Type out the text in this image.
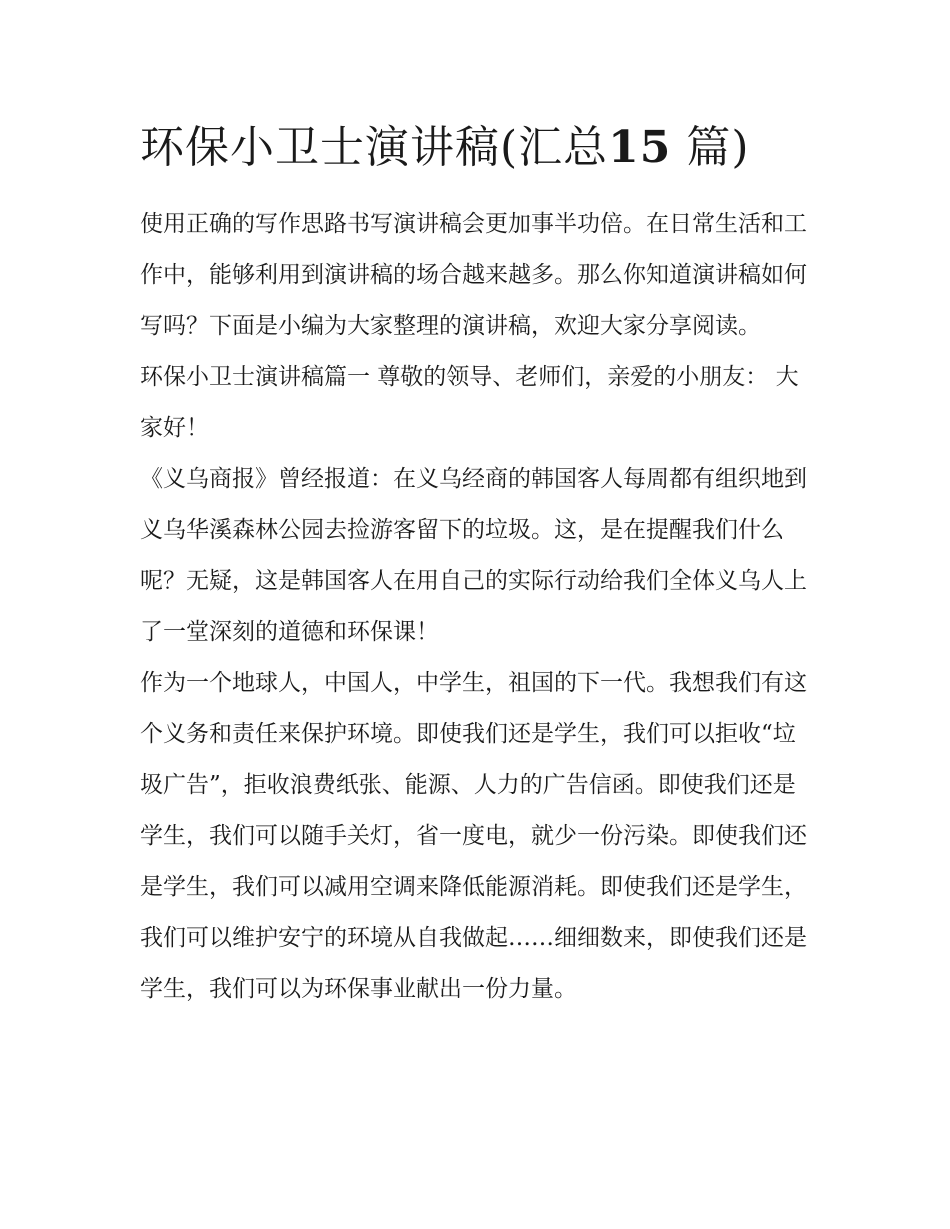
环保小卫士演讲稿(汇总15 篇)

使用正确的写作思路书写演讲稿会更加事半功倍。在日常生活和工作中，能够利用到演讲稿的场合越来越多。那么你知道演讲稿如何写吗？下面是小编为大家整理的演讲稿，欢迎大家分享阅读。

环保小卫士演讲稿篇一 尊敬的领导、老师们，亲爱的小朋友： 大家好！

《义乌商报》曾经报道：在义乌经商的韩国客人每周都有组织地到义乌华溪森林公园去捡游客留下的垃圾。这，是在提醒我们什么呢？无疑，这是韩国客人在用自己的实际行动给我们全体义乌人上了一堂深刻的道德和环保课！

作为一个地球人，中国人，中学生，祖国的下一代。我想我们有这个义务和责任来保护环境。即使我们还是学生，我们可以拒收“垃圾广告”，拒收浪费纸张、能源、人力的广告信函。即使我们还是学生，我们可以随手关灯，省一度电，就少一份污染。即使我们还是学生，我们可以减用空调来降低能源消耗。即使我们还是学生，我们可以维护安宁的环境从自我做起……细细数来，即使我们还是学生，我们可以为环保事业献出一份力量。
